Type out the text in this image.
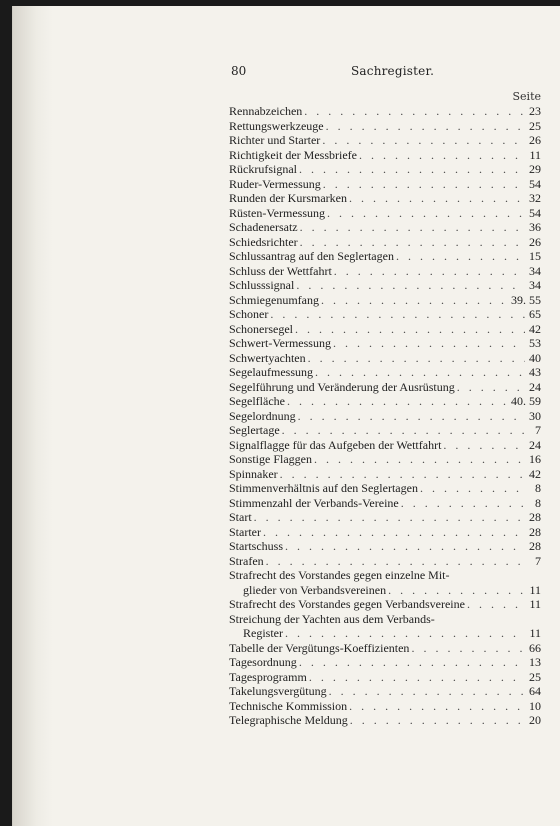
80	Sachregister.
Seite
Rennabzeichen . . .	23
Rettungswerkzeuge . . .	25
Richter und Starter . . .	26
Richtigkeit der Messbriefe . . .	11
Rückrufsignal . . .	29
Ruder-Vermessung . . .	54
Runden der Kursmarken . . .	32
Rüsten-Vermessung . . .	54
Schadenersatz . . .	36
Schiedsrichter . . .	26
Schlussantrag auf den Seglertagen . . .	15
Schluss der Wettfahrt . . .	34
Schlusssignal . . .	34
Schmiegenumfang . . .	39. 55
Schoner . . .	65
Schonersegel . . .	42
Schwert-Vermessung . . .	53
Schwertyachten . . .	40
Segelaufmessung . . .	43
Segelführung und Veränderung der Ausrüstung . . .	24
Segelfläche . . .	40. 59
Segelordnung . . .	30
Seglertage . . .	7
Signalflagge für das Aufgeben der Wettfahrt . . .	24
Sonstige Flaggen . . .	16
Spinnaker . . .	42
Stimmenverhältnis auf den Seglertagen . . .	8
Stimmenzahl der Verbands-Vereine . . .	8
Start . . .	28
Starter . . .	28
Startschuss . . .	28
Strafen . . .	7
Strafrecht des Vorstandes gegen einzelne Mit-
glieder von Verbandsvereinen . . .	11
Strafrecht des Vorstandes gegen Verbandsvereine . . .	11
Streichung der Yachten aus dem Verbands-
Register . . .	11
Tabelle der Vergütungs-Koeffizienten . . .	66
Tagesordnung . . .	13
Tagesprogramm . . .	25
Takelungsvergütung . . .	64
Technische Kommission . . .	10
Telegraphische Meldung . . .	20
